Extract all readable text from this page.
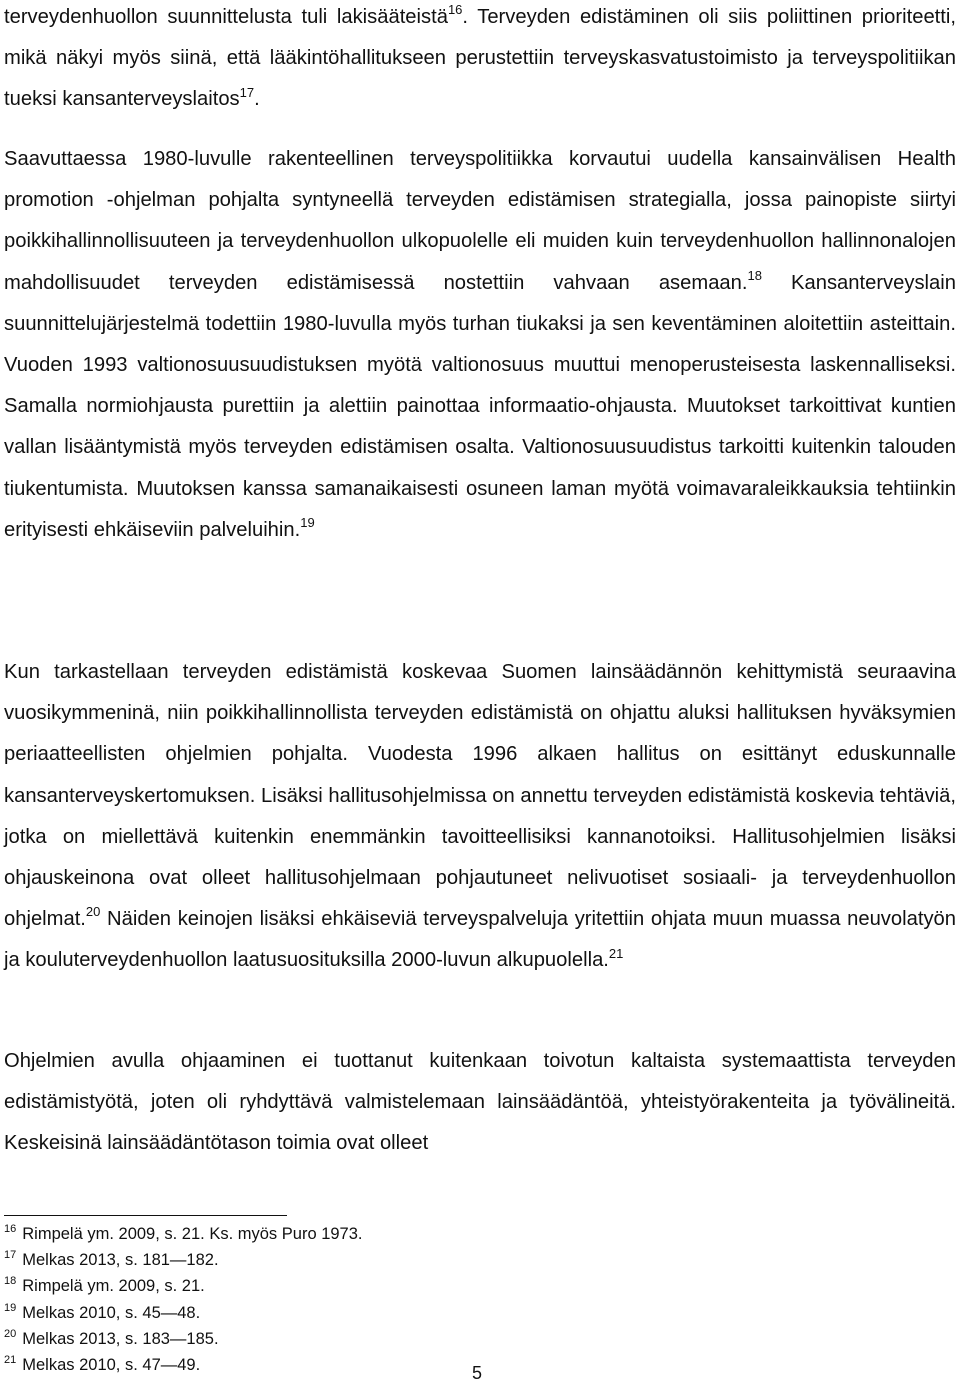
terveydenhuollon suunnittelusta tuli lakisääteistä$^{16}$. Terveyden edistäminen oli siis poliittinen prioriteetti, mikä näkyi myös siinä, että lääkintöhallitukseen perustettiin terveyskasvatustoimisto ja terveyspolitiikan tueksi kansanterveyslaitos$^{17}$.

Saavuttaessa 1980-luvulle rakenteellinen terveyspolitiikka korvautui uudella kansainvälisen Health promotion -ohjelman pohjalta syntyneellä terveyden edistämisen strategialla, jossa painopiste siirtyi poikkihallinnollisuuteen ja terveydenhuollon ulkopuolelle eli muiden kuin terveydenhuollon hallinnonalojen mahdollisuudet terveyden edistämisessä nostettiin vahvaan asemaan.$^{18}$ Kansanterveyslain suunnittelujärjestelmä todettiin 1980-luvulla myös turhan tiukaksi ja sen keventäminen aloitettiin asteittain. Vuoden 1993 valtionosuusuudistuksen myötä valtionosuus muuttui menoperusteisesta laskennalliseksi. Samalla normiohjausta purettiin ja alettiin painottaa informaatio-ohjausta. Muutokset tarkoittivat kuntien vallan lisääntymistä myös terveyden edistämisen osalta. Valtionosuusuudistus tarkoitti kuitenkin talouden tiukentumista. Muutoksen kanssa samanaikaisesti osuneen laman myötä voimavaraleikkauksia tehtiinkin erityisesti ehkäiseviin palveluihin.$^{19}$

Kun tarkastellaan terveyden edistämistä koskevaa Suomen lainsäädännön kehittymistä seuraavina vuosikymmeninä, niin poikkihallinnollista terveyden edistämistä on ohjattu aluksi hallituksen hyväksymien periaatteellisten ohjelmien pohjalta. Vuodesta 1996 alkaen hallitus on esittänyt eduskunnalle kansanterveyskertomuksen. Lisäksi hallitusohjelmissa on annettu terveyden edistämistä koskevia tehtäviä, jotka on miellettävä kuitenkin enemmänkin tavoitteellisiksi kannanotoiksi. Hallitusohjelmien lisäksi ohjauskeinona ovat olleet hallitusohjelmaan pohjautuneet nelivuotiset sosiaali- ja terveydenhuollon ohjelmat.$^{20}$ Näiden keinojen lisäksi ehkäiseviä terveyspalveluja yritettiin ohjata muun muassa neuvolatyön ja kouluterveydenhuollon laatusuosituksilla 2000-luvun alkupuolella.$^{21}$

Ohjelmien avulla ohjaaminen ei tuottanut kuitenkaan toivotun kaltaista systemaattista terveyden edistämistyötä, joten oli ryhdyttävä valmistelemaan lainsäädäntöä, yhteistyörakenteita ja työvälineitä. Keskeisinä lainsäädäntötason toimia ovat olleet

$^{16}$ Rimpelä ym. 2009, s. 21. Ks. myös Puro 1973.
$^{17}$ Melkas 2013, s. 181—182.
$^{18}$ Rimpelä ym. 2009, s. 21.
$^{19}$ Melkas 2010, s. 45—48.
$^{20}$ Melkas 2013, s. 183—185.
$^{21}$ Melkas 2010, s. 47—49.	5
